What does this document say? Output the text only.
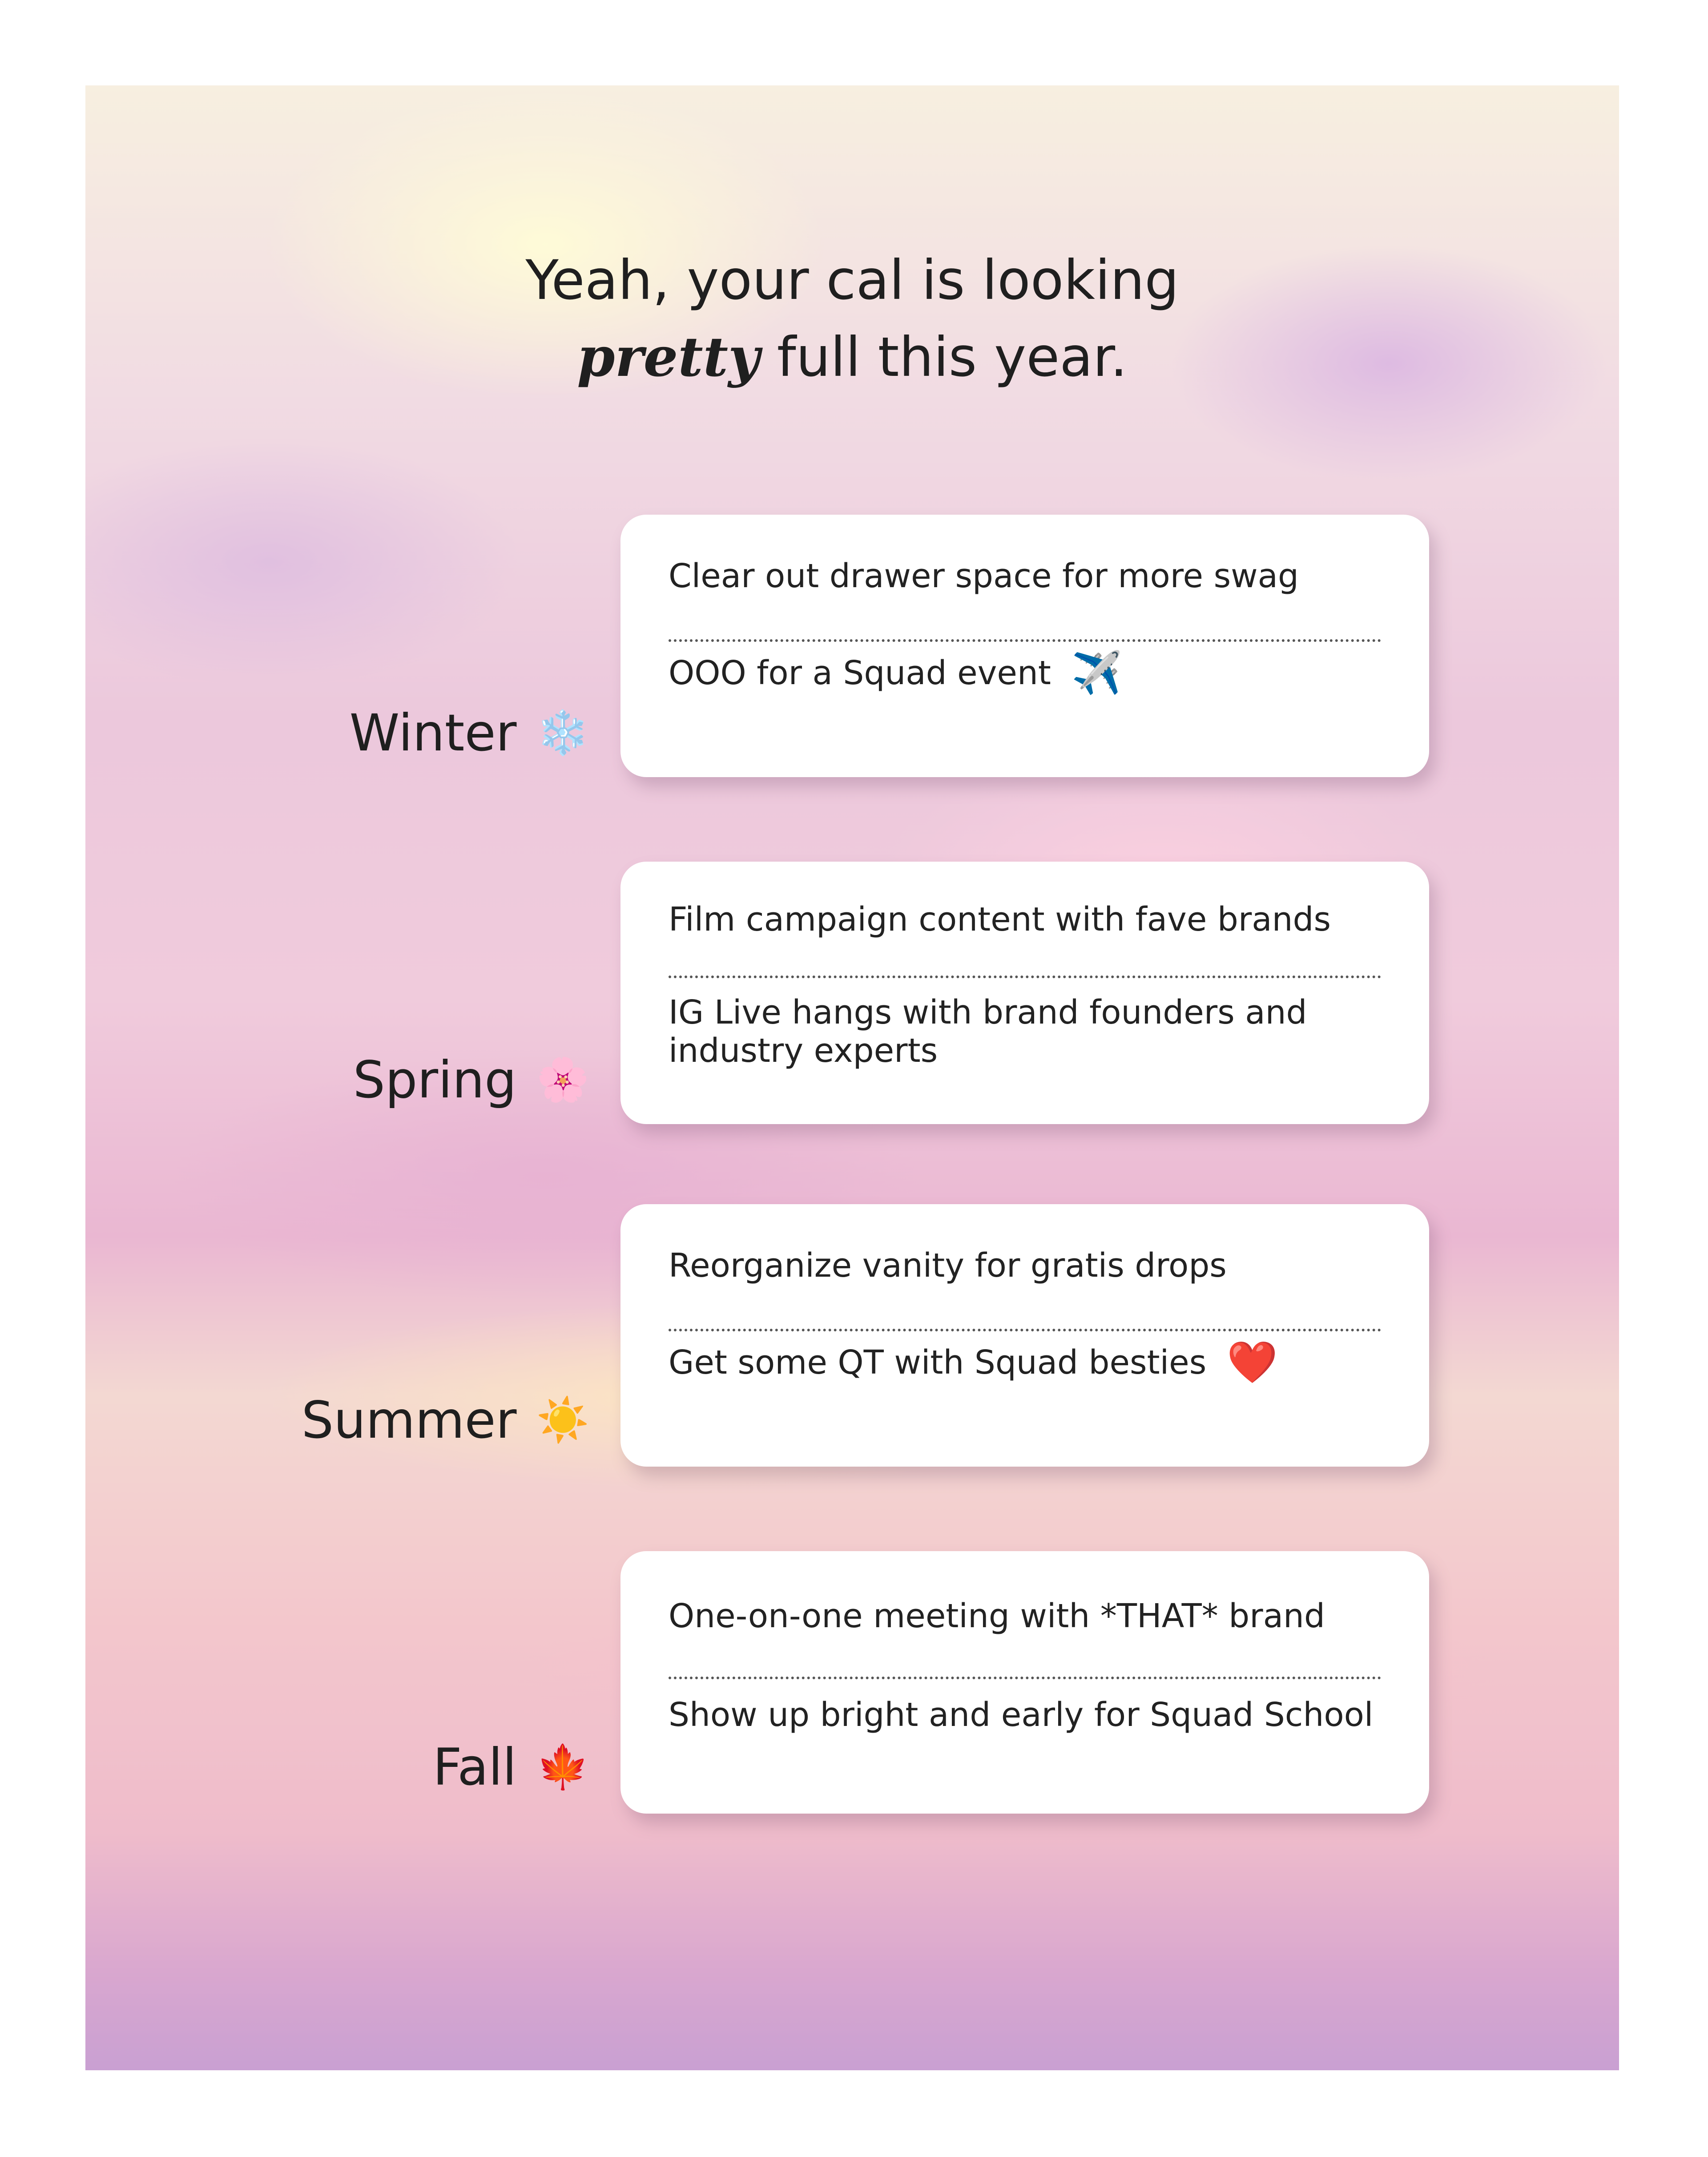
Yeah, your cal is looking
pretty full this year.
Winter ❄️
Clear out drawer space for more swag
OOO for a Squad event ✈️
Spring 🌸
Film campaign content with fave brands
IG Live hangs with brand founders and industry experts
Summer ☀️
Reorganize vanity for gratis drops
Get some QT with Squad besties ❤️
Fall 🍁
One-on-one meeting with *THAT* brand
Show up bright and early for Squad School
